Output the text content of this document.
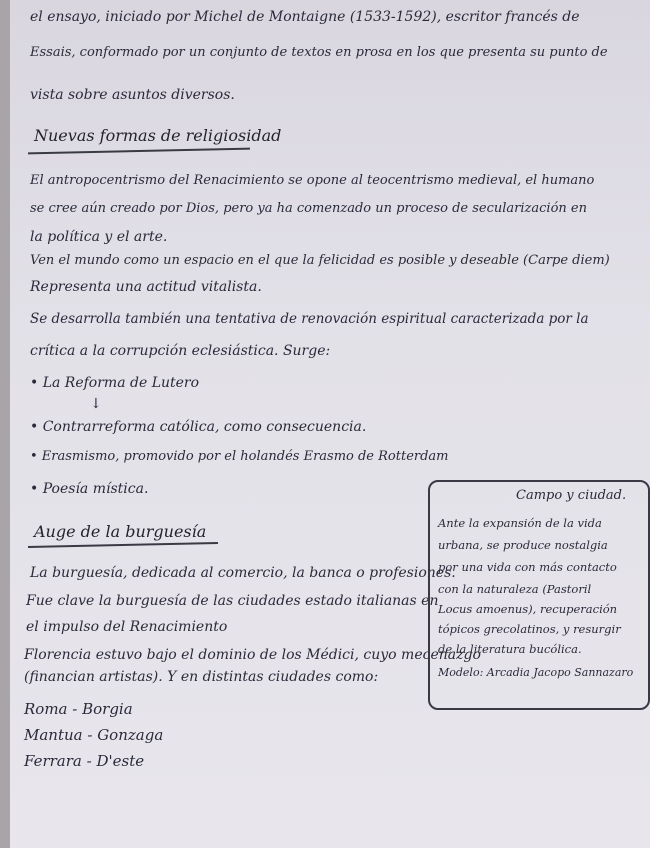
el ensayo, iniciado por Michel de Montaigne (1533-1592), escritor francés de
Essais, conformado por un conjunto de textos en prosa en los que presenta su punto de
vista sobre asuntos diversos.
Nuevas formas de religiosidad
El antropocentrismo del Renacimiento se opone al teocentrismo medieval, el humano
se cree aún creado por Dios, pero ya ha comenzado un proceso de secularización en
la política y el arte.
Ven el mundo como un espacio en el que la felicidad es posible y deseable (Carpe diem)
Representa una actitud vitalista.
Se desarrolla también una tentativa de renovación espiritual caracterizada por la
crítica a la corrupción eclesiástica. Surge:
• La Reforma de Lutero
↓
• Contrarreforma católica, como consecuencia.
• Erasmismo, promovido por el holandés Erasmo de Rotterdam
• Poesía mística.
Auge de la burguesía
La burguesía, dedicada al comercio, la banca o profesiones.
Fue clave la burguesía de las ciudades estado italianas en
el impulso del Renacimiento
Florencia estuvo bajo el dominio de los Médici, cuyo mecenazgo
(financian artistas). Y en distintas ciudades como:
Roma - Borgia
Mantua - Gonzaga
Ferrara - D'este
Campo y ciudad.
Ante la expansión de la vida
urbana, se produce nostalgia
por una vida con más contacto
con la naturaleza (Pastoril
Locus amoenus), recuperación
tópicos grecolatinos, y resurgir
de la literatura bucólica.
Modelo: Arcadia Jacopo Sannazaro
